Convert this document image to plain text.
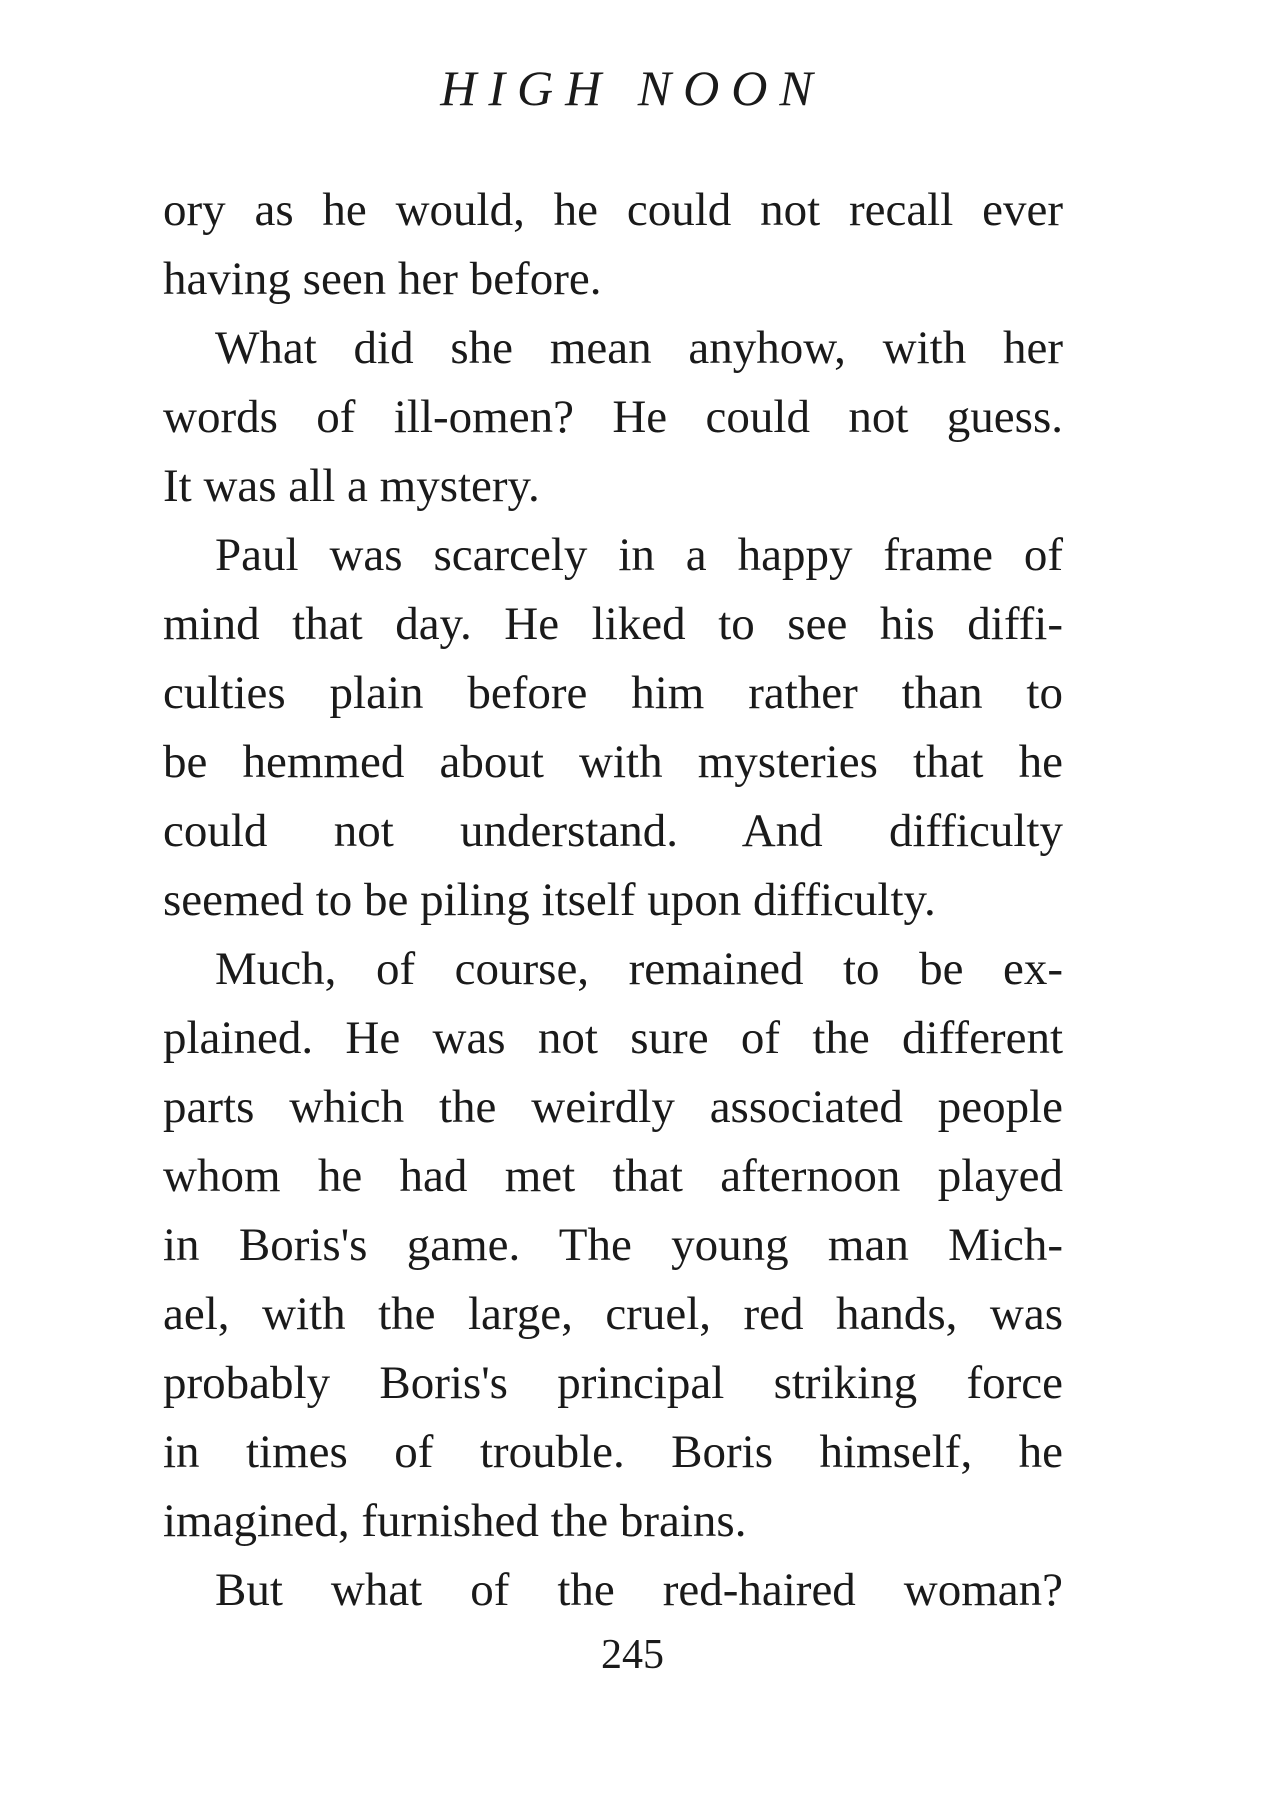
HIGH NOON
ory as he would, he could not recall ever
having seen her before.
What did she mean anyhow, with her
words of ill-omen? He could not guess.
It was all a mystery.
Paul was scarcely in a happy frame of
mind that day. He liked to see his diffi-
culties plain before him rather than to
be hemmed about with mysteries that he
could not understand. And difficulty
seemed to be piling itself upon difficulty.
Much, of course, remained to be ex-
plained. He was not sure of the different
parts which the weirdly associated people
whom he had met that afternoon played
in Boris's game. The young man Mich-
ael, with the large, cruel, red hands, was
probably Boris's principal striking force
in times of trouble. Boris himself, he
imagined, furnished the brains.
But what of the red-haired woman?
245
